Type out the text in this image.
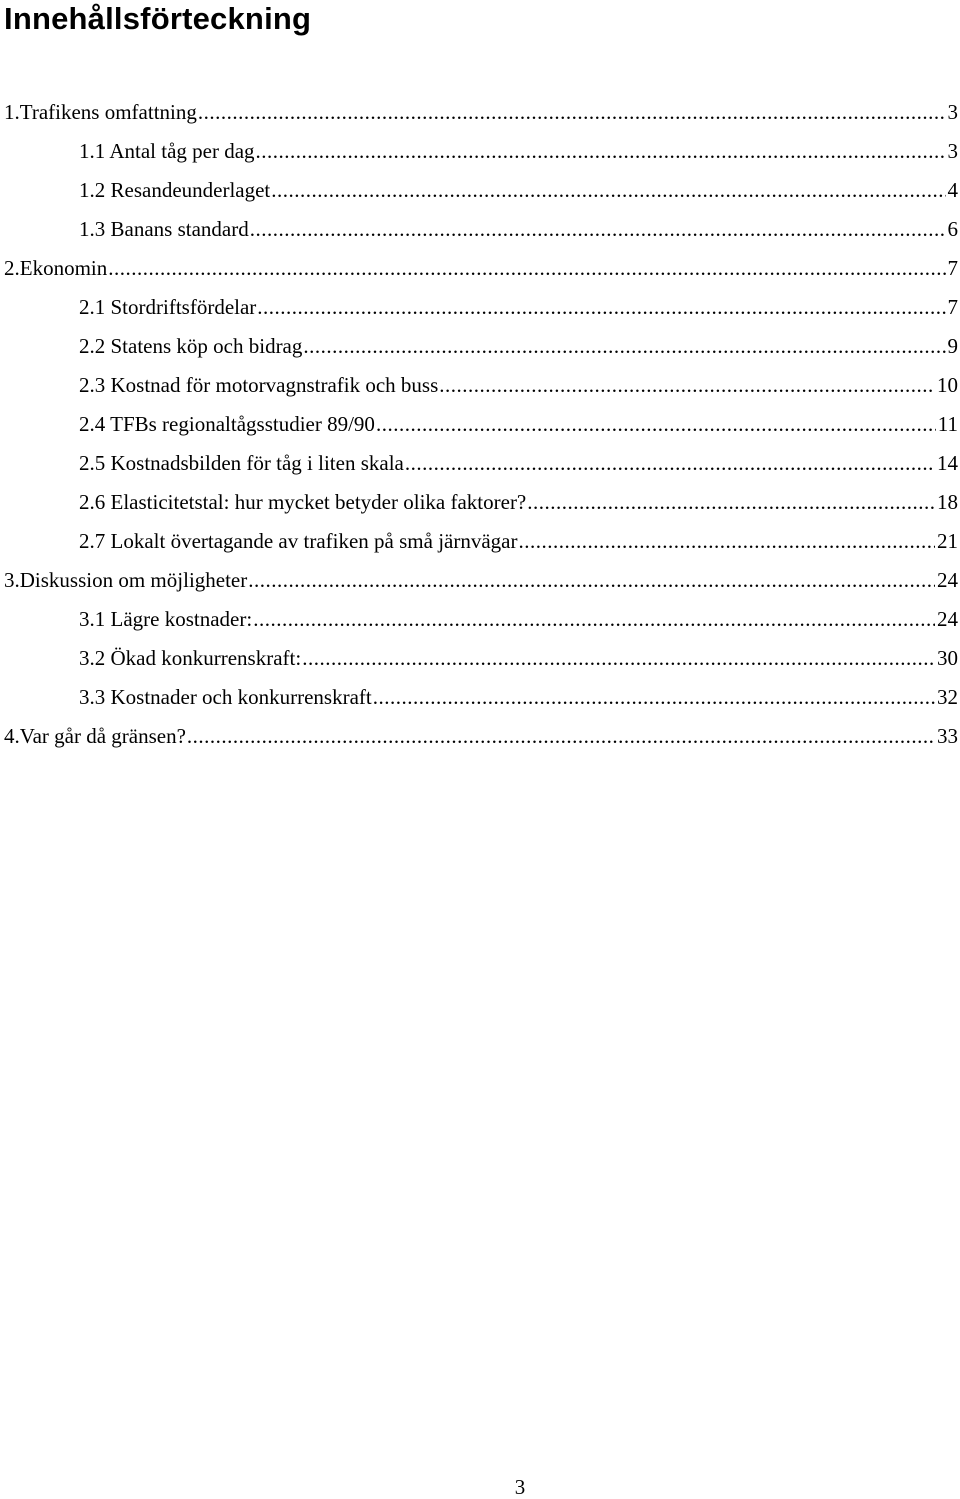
Innehållsförteckning
1.Trafikens omfattning .....	3
1.1 Antal tåg per dag .....	3
1.2 Resandeunderlaget .....	4
1.3 Banans standard .....	6
2.Ekonomin .....	7
2.1 Stordriftsfördelar .....	7
2.2 Statens köp och bidrag .....	9
2.3 Kostnad för motorvagnstrafik och buss .....	10
2.4 TFBs regionaltågsstudier 89/90 .....	11
2.5 Kostnadsbilden för tåg i liten skala .....	14
2.6 Elasticitetstal: hur mycket betyder olika faktorer? .....	18
2.7 Lokalt övertagande av trafiken på små järnvägar .....	21
3.Diskussion om möjligheter .....	24
3.1 Lägre kostnader: .....	24
3.2 Ökad konkurrenskraft: .....	30
3.3 Kostnader och konkurrenskraft .....	32
4.Var går då gränsen? .....	33
3
